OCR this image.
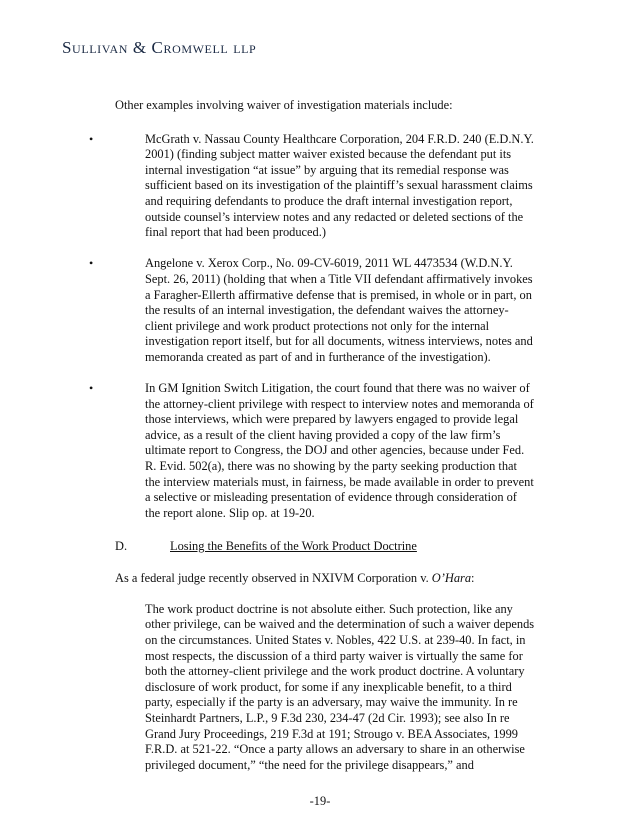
Sullivan & Cromwell llp

Other examples involving waiver of investigation materials include:

•	McGrath v. Nassau County Healthcare Corporation, 204 F.R.D. 240 (E.D.N.Y. 2001) (finding subject matter waiver existed because the defendant put its internal investigation “at issue” by arguing that its remedial response was sufficient based on its investigation of the plaintiff’s sexual harassment claims and requiring defendants to produce the draft internal investigation report, outside counsel’s interview notes and any redacted or deleted sections of the final report that had been produced.)
•	Angelone v. Xerox Corp., No. 09-CV-6019, 2011 WL 4473534 (W.D.N.Y. Sept. 26, 2011) (holding that when a Title VII defendant affirmatively invokes a Faragher-Ellerth affirmative defense that is premised, in whole or in part, on the results of an internal investigation, the defendant waives the attorney-client privilege and work product protections not only for the internal investigation report itself, but for all documents, witness interviews, notes and memoranda created as part of and in furtherance of the investigation).
•	In GM Ignition Switch Litigation, the court found that there was no waiver of the attorney-client privilege with respect to interview notes and memoranda of those interviews, which were prepared by lawyers engaged to provide legal advice, as a result of the client having provided a copy of the law firm’s ultimate report to Congress, the DOJ and other agencies, because under Fed. R. Evid. 502(a), there was no showing by the party seeking production that the interview materials must, in fairness, be made available in order to prevent a selective or misleading presentation of evidence through consideration of the report alone. Slip op. at 19-20.
D.	Losing the Benefits of the Work Product Doctrine

As a federal judge recently observed in NXIVM Corporation v. O’Hara:

The work product doctrine is not absolute either. Such protection, like any other privilege, can be waived and the determination of such a waiver depends on the circumstances. United States v. Nobles, 422 U.S. at 239-40. In fact, in most respects, the discussion of a third party waiver is virtually the same for both the attorney-client privilege and the work product doctrine. A voluntary disclosure of work product, for some if any inexplicable benefit, to a third party, especially if the party is an adversary, may waive the immunity. In re Steinhardt Partners, L.P., 9 F.3d 230, 234-47 (2d Cir. 1993); see also In re Grand Jury Proceedings, 219 F.3d at 191; Strougo v. BEA Associates, 1999 F.R.D. at 521-22. “Once a party allows an adversary to share in an otherwise privileged document,” “the need for the privilege disappears,” and

-19-
